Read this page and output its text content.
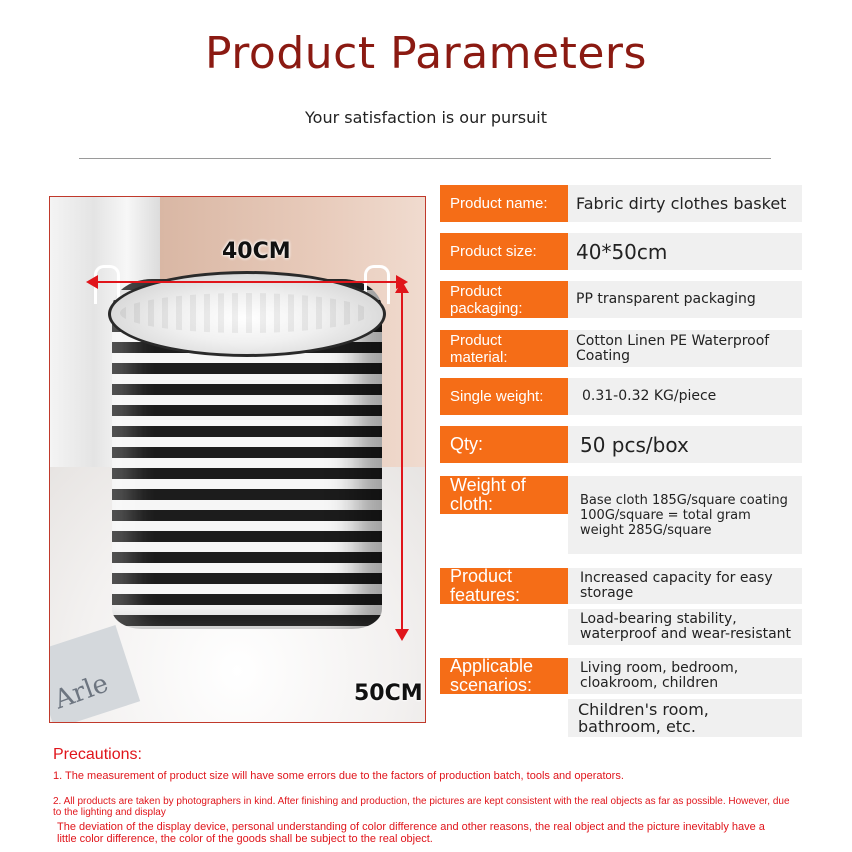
Product Parameters
Your satisfaction is our pursuit
Arle
40CM
50CM
Product name:	Fabric dirty clothes basket
Product size:	40*50cm
Product packaging:
PP transparent packaging
Product material:
Cotton Linen PE Waterproof Coating
Single weight:	0.31-0.32 KG/piece
Qty:	50 pcs/box
Weight of cloth:	Base cloth 185G/square coating 100G/square = total gram weight 285G/square
Product features:
Increased capacity for easy storage
Load-bearing stability, waterproof and wear-resistant
Applicable scenarios:
Living room, bedroom, cloakroom, children
Children's room, bathroom, etc.
Precautions:
1. The measurement of product size will have some errors due to the factors of production batch, tools and operators.
2. All products are taken by photographers in kind. After finishing and production, the pictures are kept consistent with the real objects as far as possible. However, due to the lighting and display
The deviation of the display device, personal understanding of color difference and other reasons, the real object and the picture inevitably have a little color difference, the color of the goods shall be subject to the real object.
